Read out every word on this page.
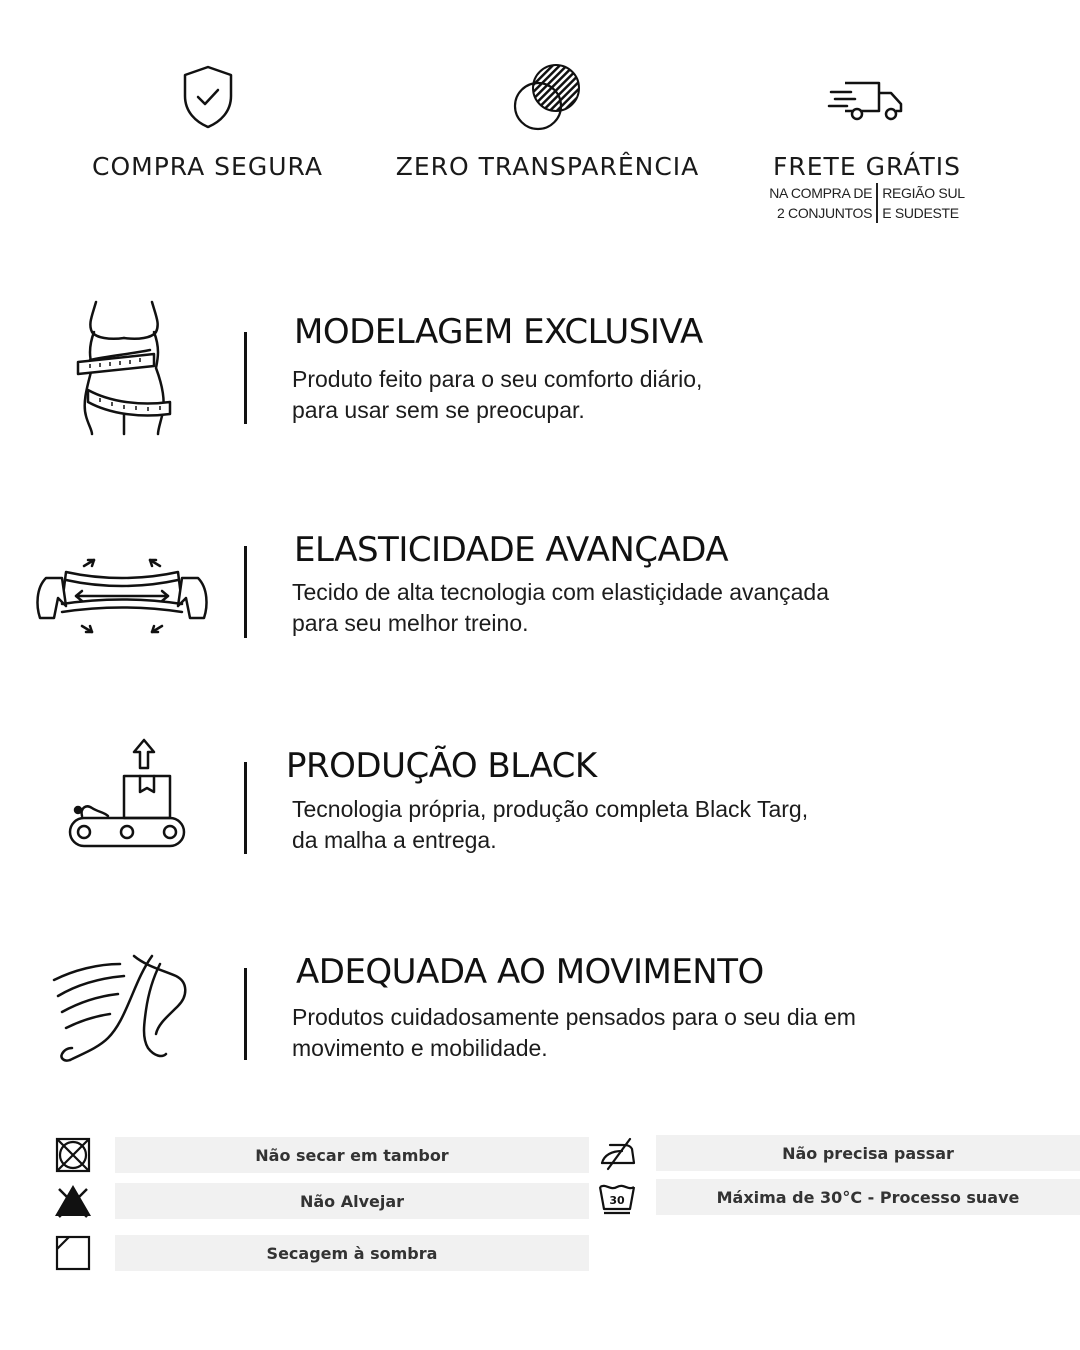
COMPRA SEGURA	ZERO TRANSPARÊNCIA	FRETE GRÁTIS
NA COMPRA DE
2 CONJUNTOS
REGIÃO SUL
E SUDESTE
MODELAGEM EXCLUSIVA
Produto feito para o seu comforto diário,
para usar sem se preocupar.
ELASTICIDADE AVANÇADA
Tecido de alta tecnologia com elastiçidade avançada
para seu melhor treino.
PRODUÇÃO BLACK
Tecnologia própria, produção completa Black Targ,
da malha a entrega.
ADEQUADA AO MOVIMENTO
Produtos cuidadosamente pensados para o seu dia em
movimento e mobilidade.
Não secar em tambor
Não Alvejar
Secagem à sombra
Não precisa passar
30	Máxima de 30°C - Processo suave
